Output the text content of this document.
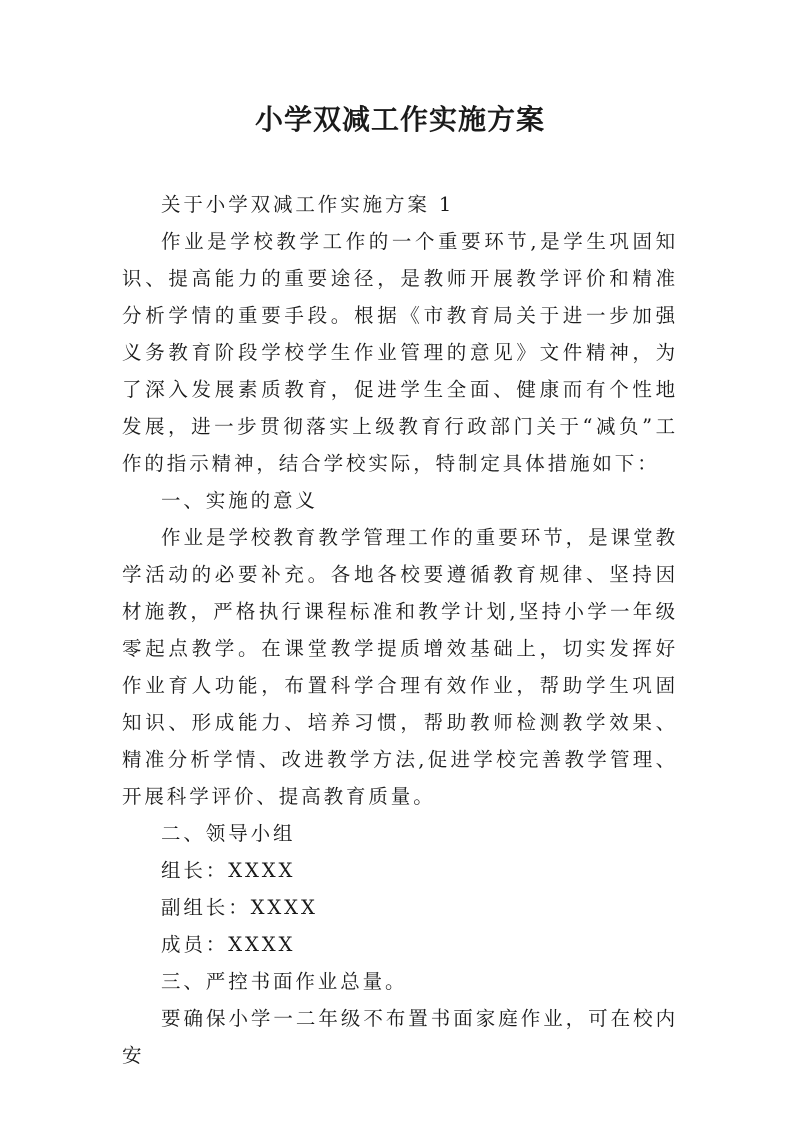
小学双减工作实施方案

关于小学双减工作实施方案 1

作业是学校教学工作的一个重要环节,是学生巩固知识、提高能力的重要途径，是教师开展教学评价和精准分析学情的重要手段。根据《市教育局关于进一步加强义务教育阶段学校学生作业管理的意见》文件精神，为了深入发展素质教育，促进学生全面、健康而有个性地发展，进一步贯彻落实上级教育行政部门关于“减负”工作的指示精神，结合学校实际，特制定具体措施如下：

一、实施的意义

作业是学校教育教学管理工作的重要环节，是课堂教学活动的必要补充。各地各校要遵循教育规律、坚持因材施教，严格执行课程标准和教学计划,坚持小学一年级零起点教学。在课堂教学提质增效基础上，切实发挥好作业育人功能，布置科学合理有效作业，帮助学生巩固知识、形成能力、培养习惯，帮助教师检测教学效果、精准分析学情、改进教学方法,促进学校完善教学管理、开展科学评价、提高教育质量。

二、领导小组

组长：XXXX

副组长：XXXX

成员：XXXX

三、严控书面作业总量。

要确保小学一二年级不布置书面家庭作业，可在校内安
